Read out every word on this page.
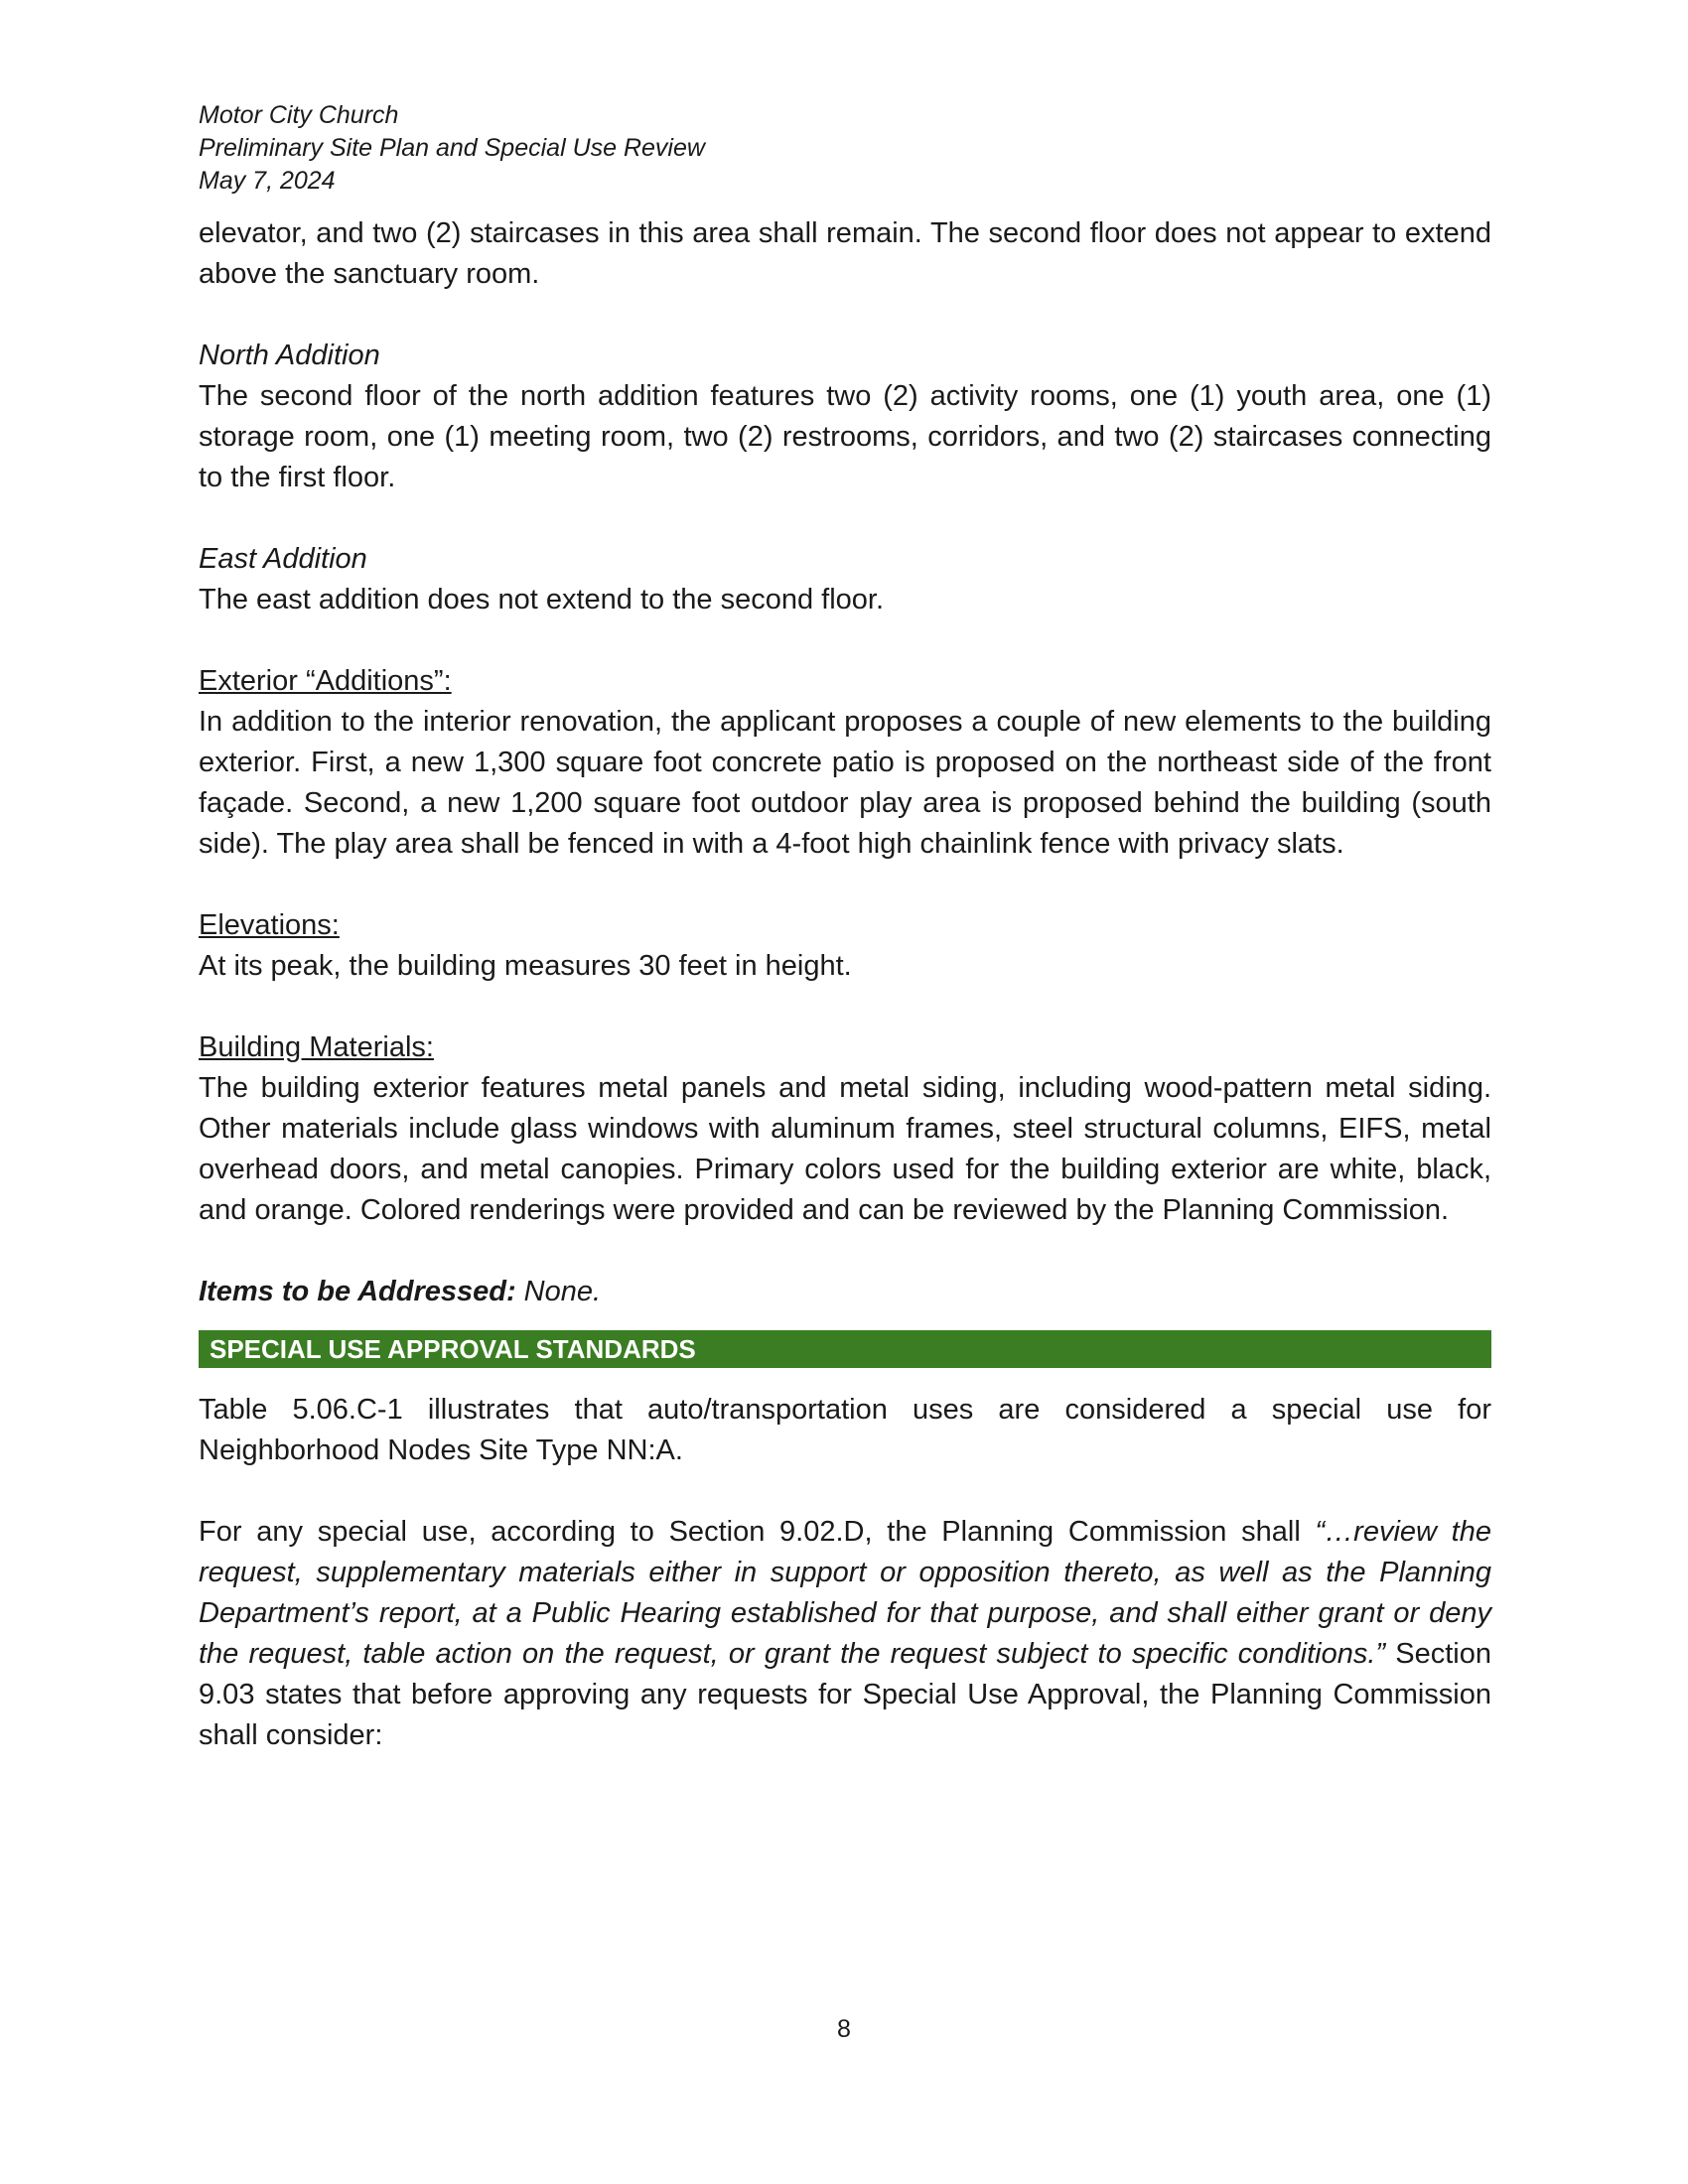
Motor City Church
Preliminary Site Plan and Special Use Review
May 7, 2024

elevator, and two (2) staircases in this area shall remain. The second floor does not appear to extend above the sanctuary room.

North Addition

The second floor of the north addition features two (2) activity rooms, one (1) youth area, one (1) storage room, one (1) meeting room, two (2) restrooms, corridors, and two (2) staircases connecting to the first floor.

East Addition

The east addition does not extend to the second floor.

Exterior “Additions”:

In addition to the interior renovation, the applicant proposes a couple of new elements to the building exterior. First, a new 1,300 square foot concrete patio is proposed on the northeast side of the front façade. Second, a new 1,200 square foot outdoor play area is proposed behind the building (south side). The play area shall be fenced in with a 4-foot high chainlink fence with privacy slats.

Elevations:

At its peak, the building measures 30 feet in height.

Building Materials:

The building exterior features metal panels and metal siding, including wood-pattern metal siding. Other materials include glass windows with aluminum frames, steel structural columns, EIFS, metal overhead doors, and metal canopies. Primary colors used for the building exterior are white, black, and orange. Colored renderings were provided and can be reviewed by the Planning Commission.

Items to be Addressed: None.

SPECIAL USE APPROVAL STANDARDS

Table 5.06.C-1 illustrates that auto/transportation uses are considered a special use for Neighborhood Nodes Site Type NN:A.

For any special use, according to Section 9.02.D, the Planning Commission shall “…review the request, supplementary materials either in support or opposition thereto, as well as the Planning Department’s report, at a Public Hearing established for that purpose, and shall either grant or deny the request, table action on the request, or grant the request subject to specific conditions.” Section 9.03 states that before approving any requests for Special Use Approval, the Planning Commission shall consider:

8
